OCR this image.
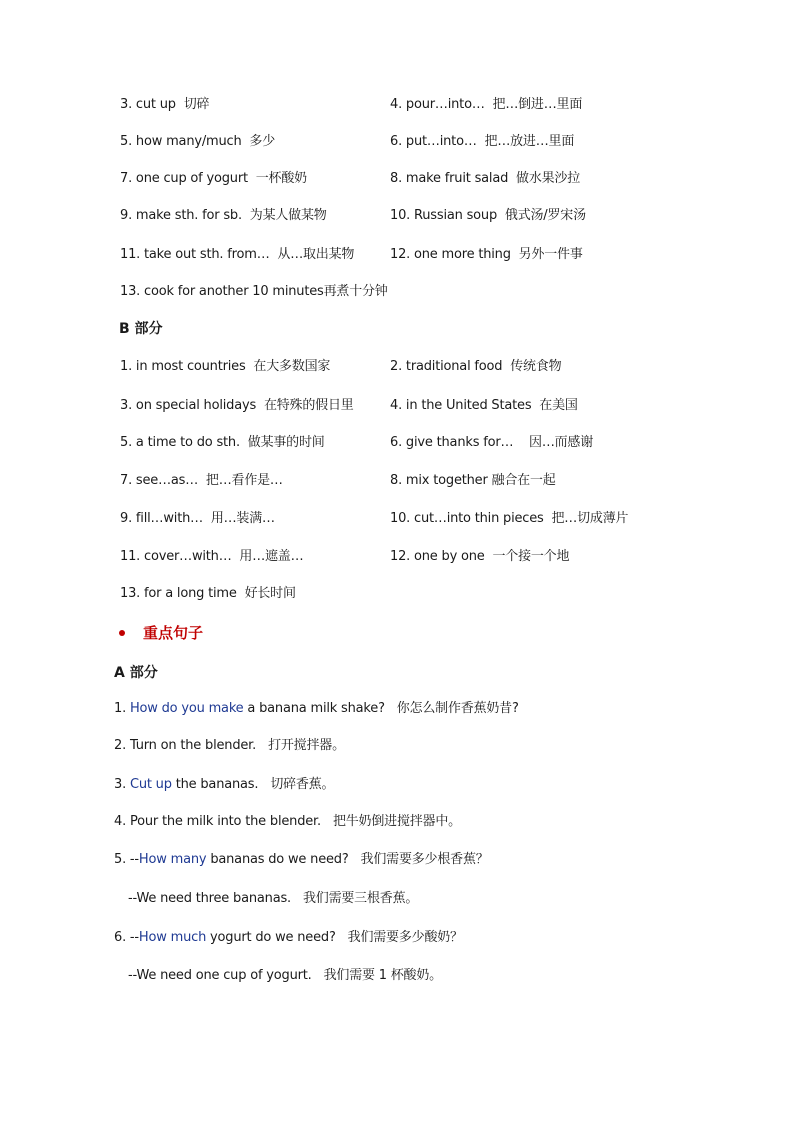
3. cut up 切碎	4. pour…into… 把…倒进…里面
5. how many/much 多少	6. put…into… 把…放进…里面
7. one cup of yogurt 一杯酸奶	8. make fruit salad 做水果沙拉
9. make sth. for sb. 为某人做某物	10. Russian soup 俄式汤/罗宋汤
11. take out sth. from… 从…取出某物	12. one more thing 另外一件事
13. cook for another 10 minutes再煮十分钟
B 部分
1. in most countries 在大多数国家	2. traditional food 传统食物
3. on special holidays 在特殊的假日里	4. in the United States 在美国
5. a time to do sth. 做某事的时间	6. give thanks for… 因…而感谢
7. see…as… 把…看作是…	8. mix together 融合在一起
9. fill…with… 用…装满…	10. cut…into thin pieces 把…切成薄片
11. cover…with… 用…遮盖…	12. one by one 一个接一个地
13. for a long time 好长时间
重点句子
A 部分
1. How do you make a banana milk shake? 你怎么制作香蕉奶昔?
2. Turn on the blender. 打开搅拌器。
3. Cut up the bananas. 切碎香蕉。
4. Pour the milk into the blender. 把牛奶倒进搅拌器中。
5. --How many bananas do we need? 我们需要多少根香蕉？
--We need three bananas. 我们需要三根香蕉。
6. --How much yogurt do we need? 我们需要多少酸奶？
--We need one cup of yogurt. 我们需要 1 杯酸奶。
